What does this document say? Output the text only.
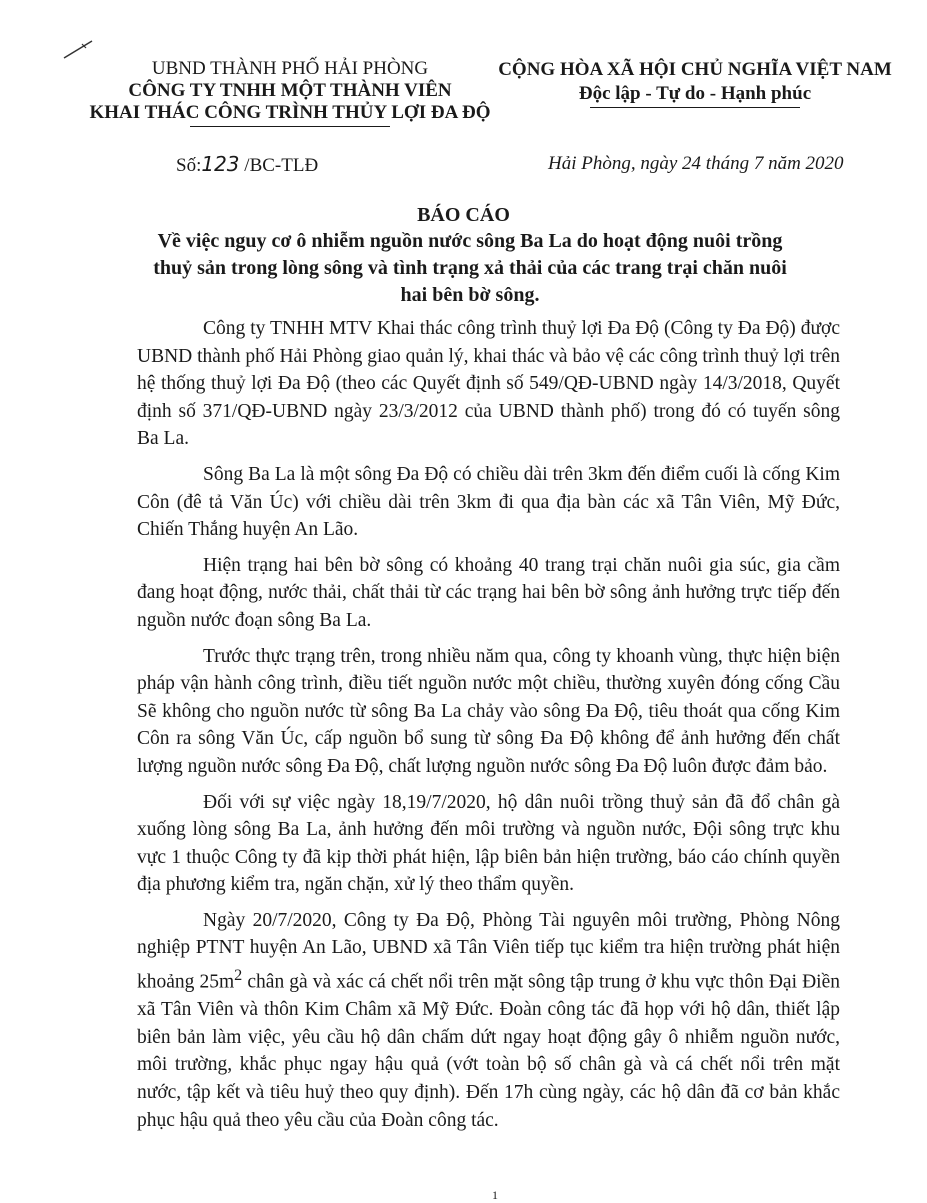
UBND THÀNH PHỐ HẢI PHÒNG
CÔNG TY TNHH MỘT THÀNH VIÊN
KHAI THÁC CÔNG TRÌNH THỦY LỢI ĐA ĐỘ
CỘNG HÒA XÃ HỘI CHỦ NGHĨA VIỆT NAM
Độc lập - Tự do - Hạnh phúc
Số:123 /BC-TLĐ	Hải Phòng, ngày 24 tháng 7 năm 2020
BÁO CÁO
Về việc nguy cơ ô nhiễm nguồn nước sông Ba La do hoạt động nuôi trồng thuỷ sản trong lòng sông và tình trạng xả thải của các trang trại chăn nuôi hai bên bờ sông.

Công ty TNHH MTV Khai thác công trình thuỷ lợi Đa Độ (Công ty Đa Độ) được UBND thành phố Hải Phòng giao quản lý, khai thác và bảo vệ các công trình thuỷ lợi trên hệ thống thuỷ lợi Đa Độ (theo các Quyết định số 549/QĐ-UBND ngày 14/3/2018, Quyết định số 371/QĐ-UBND ngày 23/3/2012 của UBND thành phố) trong đó có tuyến sông Ba La.

Sông Ba La là một sông Đa Độ có chiều dài trên 3km đến điểm cuối là cống Kim Côn (đê tả Văn Úc) với chiều dài trên 3km đi qua địa bàn các xã Tân Viên, Mỹ Đức, Chiến Thắng huyện An Lão.

Hiện trạng hai bên bờ sông có khoảng 40 trang trại chăn nuôi gia súc, gia cầm đang hoạt động, nước thải, chất thải từ các trạng hai bên bờ sông ảnh hưởng trực tiếp đến nguồn nước đoạn sông Ba La.

Trước thực trạng trên, trong nhiều năm qua, công ty khoanh vùng, thực hiện biện pháp vận hành công trình, điều tiết nguồn nước một chiều, thường xuyên đóng cống Cầu Sẽ không cho nguồn nước từ sông Ba La chảy vào sông Đa Độ, tiêu thoát qua cống Kim Côn ra sông Văn Úc, cấp nguồn bổ sung từ sông Đa Độ không để ảnh hưởng đến chất lượng nguồn nước sông Đa Độ, chất lượng nguồn nước sông Đa Độ luôn được đảm bảo.

Đối với sự việc ngày 18,19/7/2020, hộ dân nuôi trồng thuỷ sản đã đổ chân gà xuống lòng sông Ba La, ảnh hưởng đến môi trường và nguồn nước, Đội sông trực khu vực 1 thuộc Công ty đã kịp thời phát hiện, lập biên bản hiện trường, báo cáo chính quyền địa phương kiểm tra, ngăn chặn, xử lý theo thẩm quyền.

Ngày 20/7/2020, Công ty Đa Độ, Phòng Tài nguyên môi trường, Phòng Nông nghiệp PTNT huyện An Lão, UBND xã Tân Viên tiếp tục kiểm tra hiện trường phát hiện khoảng $25m^2$ chân gà và xác cá chết nổi trên mặt sông tập trung ở khu vực thôn Đại Điền xã Tân Viên và thôn Kim Châm xã Mỹ Đức. Đoàn công tác đã họp với hộ dân, thiết lập biên bản làm việc, yêu cầu hộ dân chấm dứt ngay hoạt động gây ô nhiễm nguồn nước, môi trường, khắc phục ngay hậu quả (vớt toàn bộ số chân gà và cá chết nổi trên mặt nước, tập kết và tiêu huỷ theo quy định). Đến 17h cùng ngày, các hộ dân đã cơ bản khắc phục hậu quả theo yêu cầu của Đoàn công tác.

1
